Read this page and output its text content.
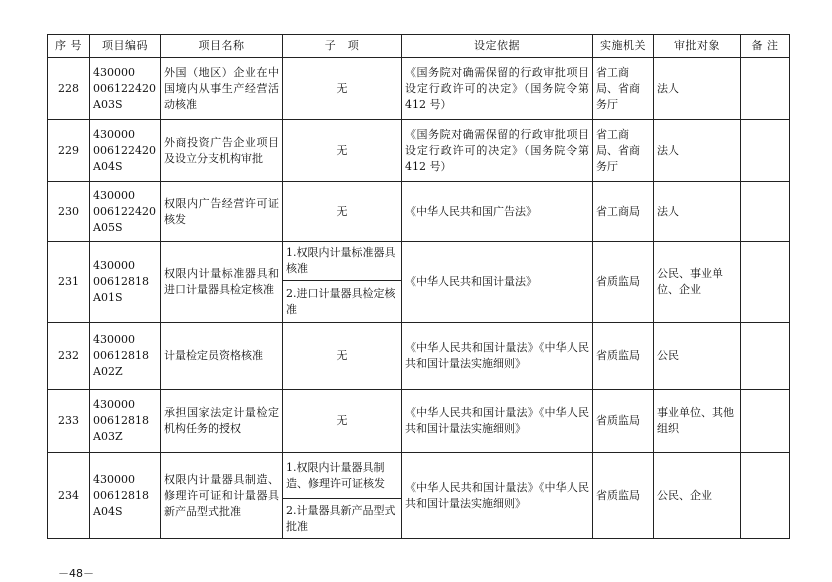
序 号	项目编码	项目名称	子　项	设定依据	实施机关	审批对象	备 注
228	430000
006122420
A03S	外国（地区）企业在中国境内从事生产经营活动核准	无	《国务院对确需保留的行政审批项目设定行政许可的决定》（国务院令第 412 号）	省工商局、省商务厅	法人	
229	430000
006122420
A04S	外商投资广告企业项目及设立分支机构审批	无	《国务院对确需保留的行政审批项目设定行政许可的决定》（国务院令第 412 号）	省工商局、省商务厅	法人	
230	430000
006122420
A05S	权限内广告经营许可证核发	无	《中华人民共和国广告法》	省工商局	法人	
231	430000
00612818
A01S	权限内计量标准器具和进口计量器具检定核准	1.权限内计量标准器具核准	《中华人民共和国计量法》	省质监局	公民、事业单位、企业	
			2.进口计量器具检定核准				
232	430000
00612818
A02Z	计量检定员资格核准	无	《中华人民共和国计量法》《中华人民共和国计量法实施细则》	省质监局	公民	
233	430000
00612818
A03Z	承担国家法定计量检定机构任务的授权	无	《中华人民共和国计量法》《中华人民共和国计量法实施细则》	省质监局	事业单位、其他组织	
234	430000
00612818
A04S	权限内计量器具制造、修理许可证和计量器具新产品型式批准	1.权限内计量器具制造、修理许可证核发	《中华人民共和国计量法》《中华人民共和国计量法实施细则》	省质监局	公民、企业	
			2.计量器具新产品型式批准				
－48－
